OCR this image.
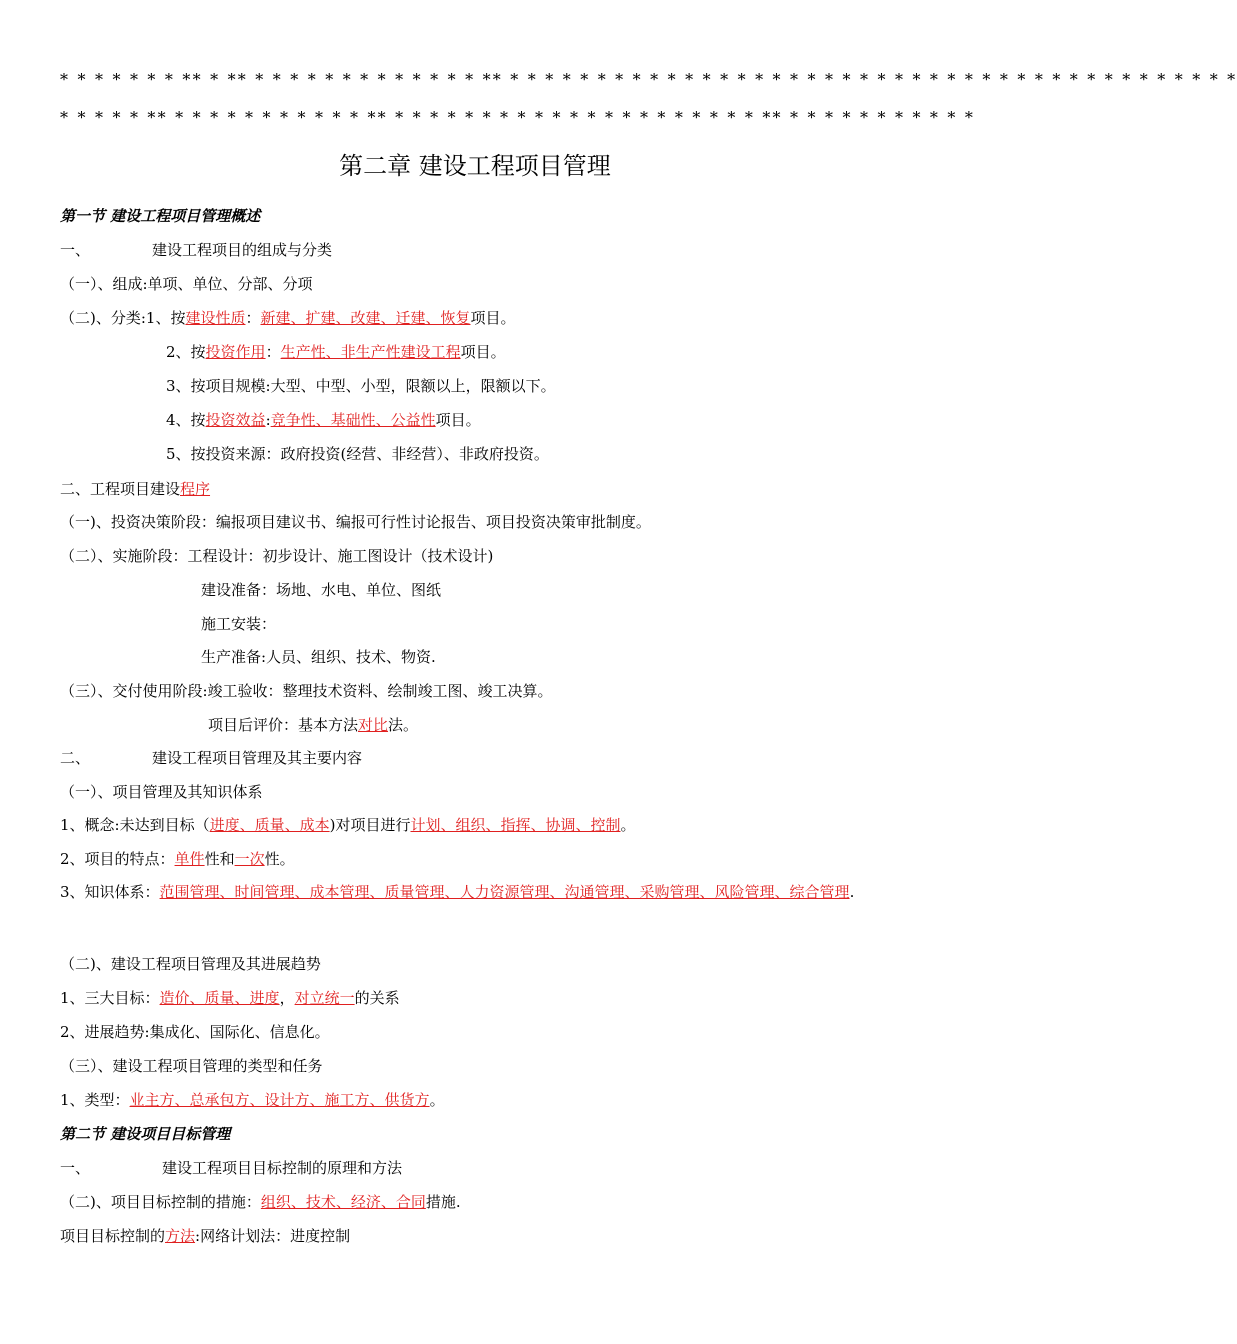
* * * * * * * ** * ** * * * * * * * * * * * * * ** * * * * * * * * * * * * * * * * * * * * * * * * * * * * * * * * * * * * * * * * * *
* * * * * ** * * * * * * * * * * * ** * * * * * * * * * * * * * * * * * * * * * ** * * * * * * * * * * *
第二章 建设工程项目管理
第一节 建设工程项目管理概述
一、	建设工程项目的组成与分类
（一）、组成:单项、单位、分部、分项
（二)、分类:1、按建设性质：新建、扩建、改建、迁建、恢复项目。
2、按投资作用：生产性、非生产性建设工程项目。
3、按项目规模:大型、中型、小型，限额以上，限额以下。
4、按投资效益:竞争性、基础性、公益性项目。
5、按投资来源：政府投资(经营、非经营）、非政府投资。
二、工程项目建设程序
（一)、投资决策阶段：编报项目建议书、编报可行性讨论报告、项目投资决策审批制度。
（二）、实施阶段：工程设计：初步设计、施工图设计（技术设计)
建设准备：场地、水电、单位、图纸
施工安装：
生产准备:人员、组织、技术、物资.
（三）、交付使用阶段:竣工验收：整理技术资料、绘制竣工图、竣工决算。
项目后评价：基本方法对比法。
二、	建设工程项目管理及其主要内容
（一）、项目管理及其知识体系
1、概念:未达到目标（进度、质量、成本)对项目进行计划、组织、指挥、协调、控制。
2、项目的特点：单件性和一次性。
3、知识体系：范围管理、时间管理、成本管理、质量管理、人力资源管理、沟通管理、采购管理、风险管理、综合管理.
（二)、建设工程项目管理及其进展趋势
1、三大目标：造价、质量、进度，对立统一的关系
2、进展趋势:集成化、国际化、信息化。
（三）、建设工程项目管理的类型和任务
1、类型：业主方、总承包方、设计方、施工方、供货方。
第二节 建设项目目标管理
一、	建设工程项目目标控制的原理和方法
（二)、项目目标控制的措施：组织、技术、经济、合同措施.
项目目标控制的方法:网络计划法：进度控制
